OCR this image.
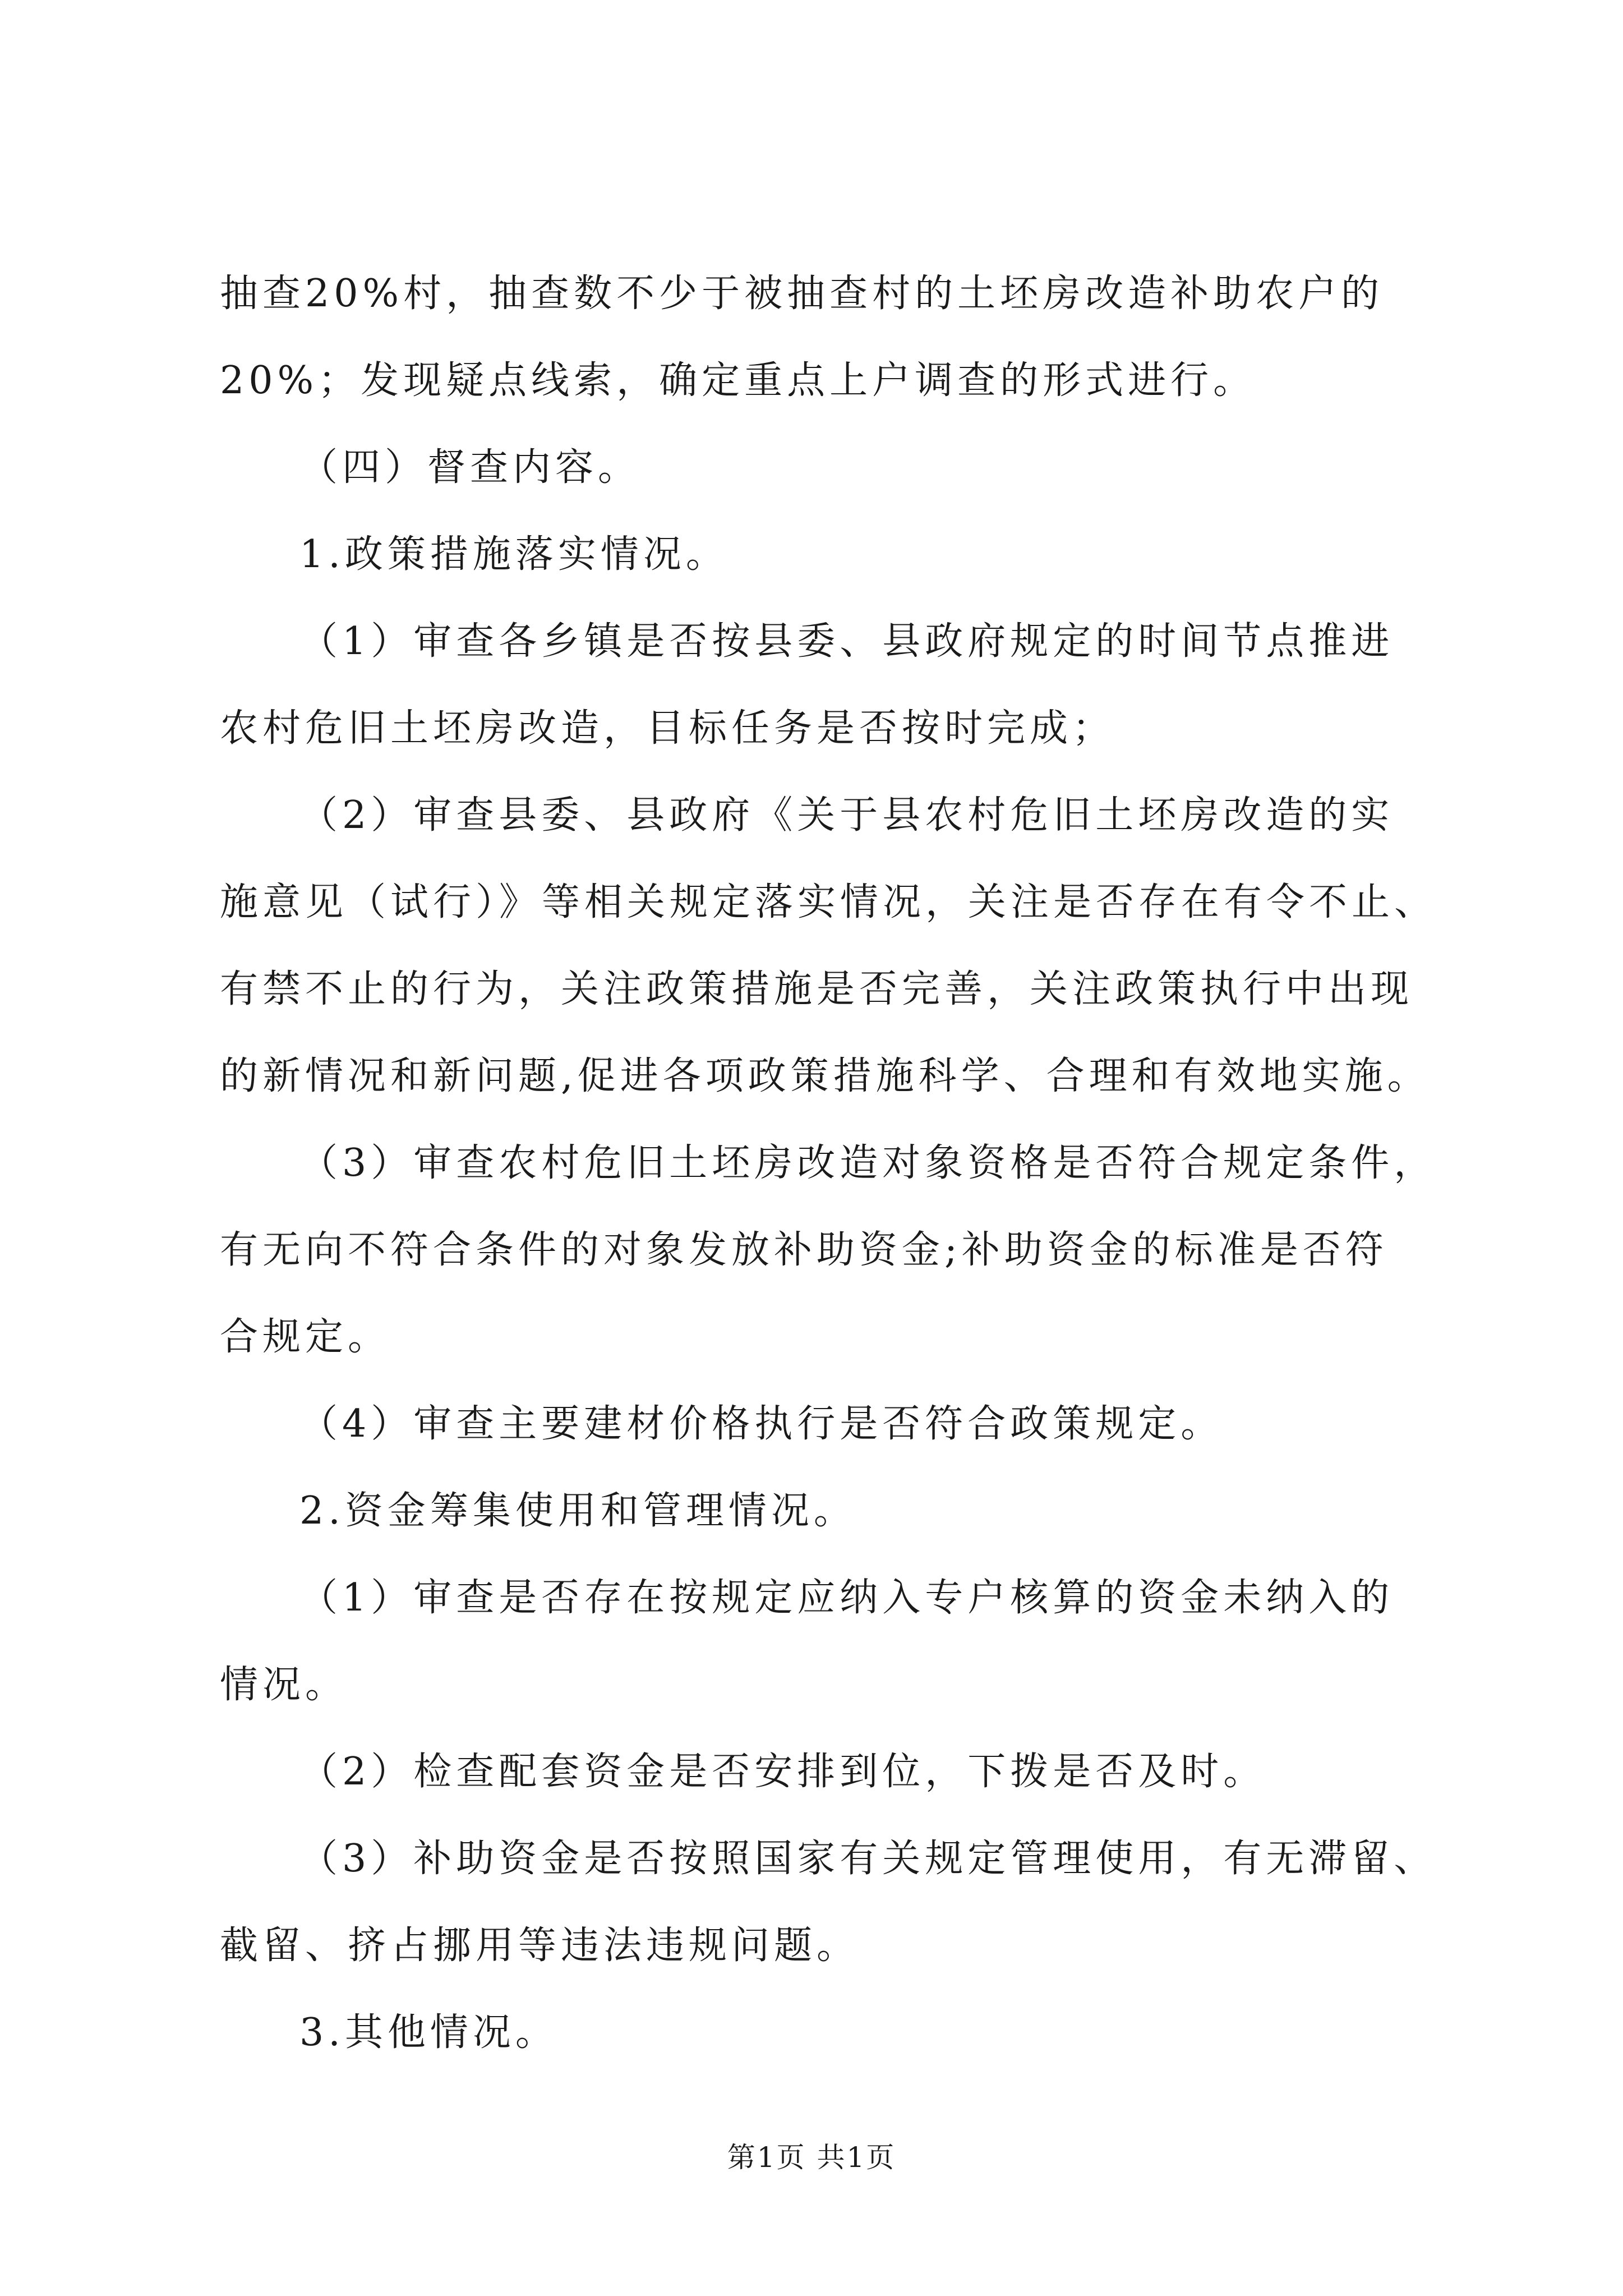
抽查20%村，抽查数不少于被抽查村的土坯房改造补助农户的

20%；发现疑点线索，确定重点上户调查的形式进行。

（四）督查内容。

1.政策措施落实情况。

（1）审查各乡镇是否按县委、县政府规定的时间节点推进

农村危旧土坯房改造，目标任务是否按时完成；

（2）审查县委、县政府《关于县农村危旧土坯房改造的实

施意见（试行）》等相关规定落实情况，关注是否存在有令不止、

有禁不止的行为，关注政策措施是否完善，关注政策执行中出现

的新情况和新问题,促进各项政策措施科学、合理和有效地实施。

（3）审查农村危旧土坯房改造对象资格是否符合规定条件，

有无向不符合条件的对象发放补助资金;补助资金的标准是否符

合规定。

（4）审查主要建材价格执行是否符合政策规定。

2.资金筹集使用和管理情况。

（1）审查是否存在按规定应纳入专户核算的资金未纳入的

情况。

（2）检查配套资金是否安排到位，下拨是否及时。

（3）补助资金是否按照国家有关规定管理使用，有无滞留、

截留、挤占挪用等违法违规问题。

3.其他情况。

第1页 共1页
